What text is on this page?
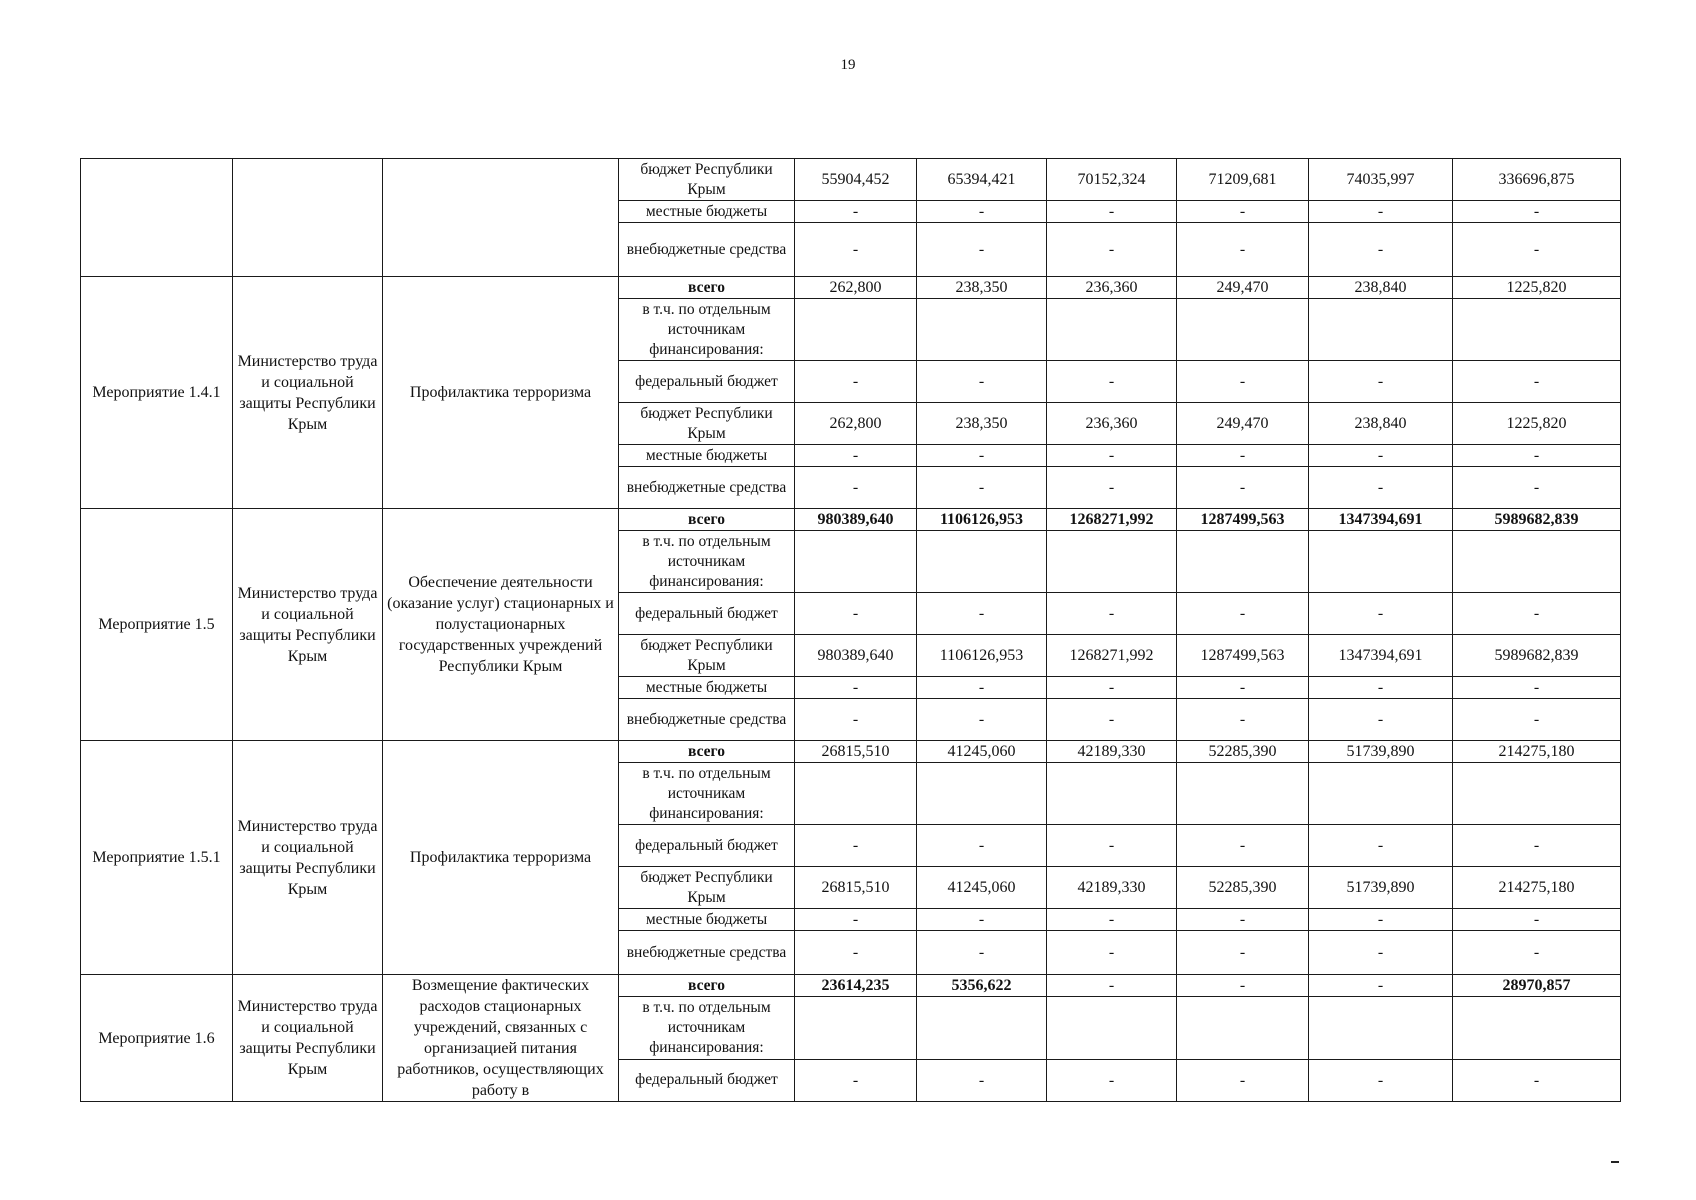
19
			бюджет Республики Крым	55904,452	65394,421	70152,324	71209,681	74035,997	336696,875
			местные бюджеты	-	-	-	-	-	-
			внебюджетные средства	-	-	-	-	-	-
Мероприятие 1.4.1	Министерство труда и социальной защиты Республики Крым	Профилактика терроризма	всего	262,800	238,350	236,360	249,470	238,840	1225,820
			в т.ч. по отдельным источникам финансирования:						
			федеральный бюджет	-	-	-	-	-	-
			бюджет Республики Крым	262,800	238,350	236,360	249,470	238,840	1225,820
			местные бюджеты	-	-	-	-	-	-
			внебюджетные средства	-	-	-	-	-	-
Мероприятие 1.5	Министерство труда и социальной защиты Республики Крым	Обеспечение деятельности (оказание услуг) стационарных и полустационарных государственных учреждений Республики Крым	всего	980389,640	1106126,953	1268271,992	1287499,563	1347394,691	5989682,839
			в т.ч. по отдельным источникам финансирования:						
			федеральный бюджет	-	-	-	-	-	-
			бюджет Республики Крым	980389,640	1106126,953	1268271,992	1287499,563	1347394,691	5989682,839
			местные бюджеты	-	-	-	-	-	-
			внебюджетные средства	-	-	-	-	-	-
Мероприятие 1.5.1	Министерство труда и социальной защиты Республики Крым	Профилактика терроризма	всего	26815,510	41245,060	42189,330	52285,390	51739,890	214275,180
			в т.ч. по отдельным источникам финансирования:						
			федеральный бюджет	-	-	-	-	-	-
			бюджет Республики Крым	26815,510	41245,060	42189,330	52285,390	51739,890	214275,180
			местные бюджеты	-	-	-	-	-	-
			внебюджетные средства	-	-	-	-	-	-
Мероприятие 1.6	Министерство труда и социальной защиты Республики Крым	Возмещение фактических расходов стационарных учреждений, связанных с организацией питания работников, осуществляющих работу в	всего	23614,235	5356,622	-	-	-	28970,857
			в т.ч. по отдельным источникам финансирования:						
			федеральный бюджет	-	-	-	-	-	-
